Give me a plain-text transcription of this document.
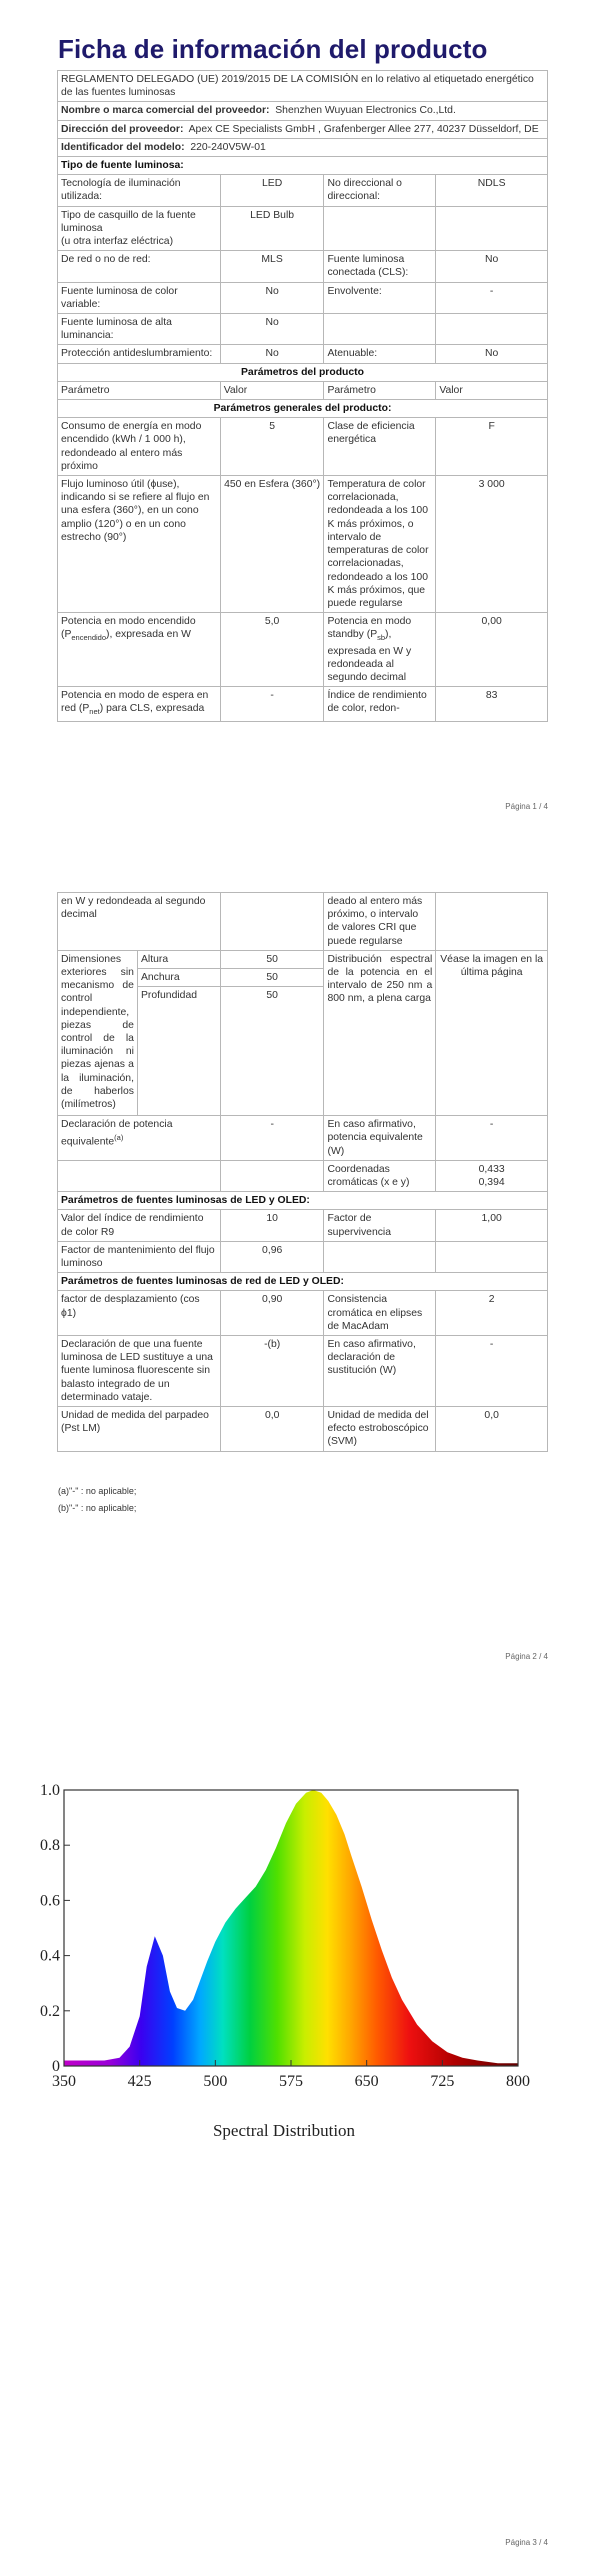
Ficha de información del producto
REGLAMENTO DELEGADO (UE) 2019/2015 DE LA COMISIÓN en lo relativo al etiquetado energético de las fuentes luminosas			
Nombre o marca comercial del proveedor: Shenzhen Wuyuan Electronics Co.,Ltd.			
Dirección del proveedor: Apex CE Specialists GmbH , Grafenberger Allee 277, 40237 Düsseldorf, DE			
Identificador del modelo: 220-240V5W-01			
Tipo de fuente luminosa:			
Tecnología de iluminación utilizada:	LED	No direccional o direccional:	NDLS

Tipo de casquillo de la fuente luminosa
(u otra interfaz eléctrica)	LED Bulb		
De red o no de red:	MLS	Fuente luminosa conectada (CLS):	No
Fuente luminosa de color variable:	No	Envolvente:	-
Fuente luminosa de alta luminancia:	No		
Protección antideslumbramiento:	No	Atenuable:	No
Parámetros del producto			
Parámetro	Valor	Parámetro	Valor
Parámetros generales del producto:			
Consumo de energía en modo encendido (kWh / 1 000 h), redondeado al entero más próximo	5	Clase de eficiencia energética	F
Flujo luminoso útil (ϕuse), indicando si se refiere al flujo en una esfera (360°), en un cono amplio (120°) o en un cono estrecho (90°)	450 en Esfera (360°)	Temperatura de color correlacionada, redondeada a los 100 K más próximos, o intervalo de temperaturas de color correlacionadas, redondeado a los 100 K más próximos, que puede regularse	3 000
Potencia en modo encendido $(P_{encendido})$, expresada en W	5,0	Potencia en modo standby $(P_{sb})$, expresada en W y redondeada al segundo decimal	0,00
Potencia en modo de espera en red $(P_{net})$ para CLS, expresada	-	Índice de rendimiento de color, redon-	83
Página 1 / 4
en W y redondeada al segundo decimal			deado al entero más próximo, o intervalo de valores CRI que puede regularse	
Dimensiones exteriores sin mecanismo de control independiente, piezas de control de la iluminación ni piezas ajenas a la iluminación, de haberlos (milímetros)	Altura	50	Distribución espectral de la potencia en el intervalo de 250 nm a 800 nm, a plena carga	Véase la imagen en la última página
	Anchura	50		
	Profundidad	50		
Declaración de potencia equivalente$^{(a)}$		-	En caso afirmativo, potencia equivalente (W)	-
			Coordenadas cromáticas (x e y)	0,433
0,394

Parámetros de fuentes luminosas de LED y OLED:				
Valor del índice de rendimiento de color R9		10	Factor de supervivencia	1,00
Factor de mantenimiento del flujo luminoso		0,96		
Parámetros de fuentes luminosas de red de LED y OLED:				
factor de desplazamiento (cos ϕ1)		0,90	Consistencia cromática en elipses de MacAdam	2
Declaración de que una fuente luminosa de LED sustituye a una fuente luminosa fluorescente sin balasto integrado de un determinado vataje.		-(b)	En caso afirmativo, declaración de sustitución (W)	-
Unidad de medida del parpadeo (Pst LM)		0,0	Unidad de medida del efecto estroboscópico (SVM)	0,0
(a)"-" : no aplicable;
(b)"-" : no aplicable;
Página 2 / 4
350	425	500	575	650	725	800
0
0.2
0.4
0.6
0.8
1.0
Spectral Distribution
Página 3 / 4
